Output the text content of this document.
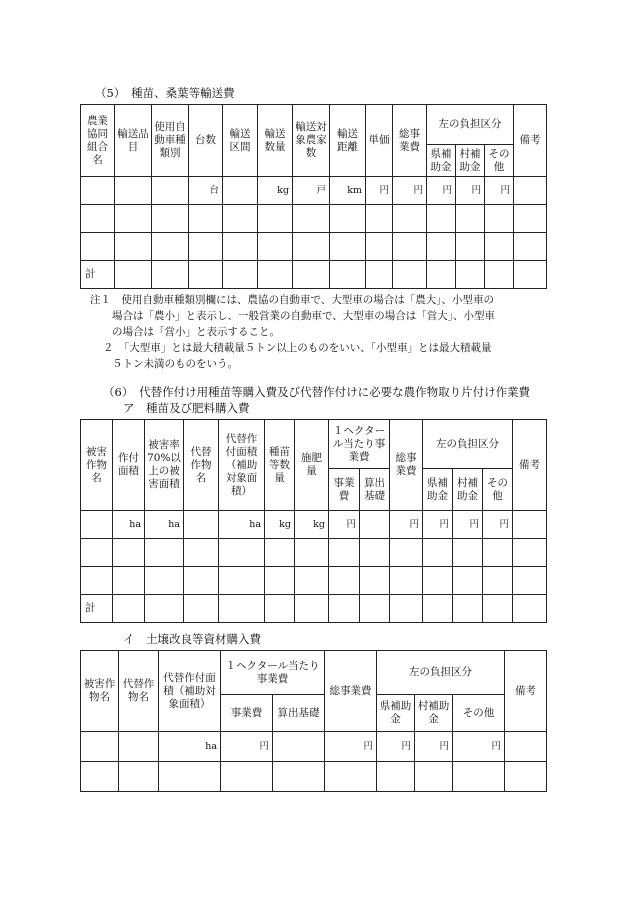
（5）　種苗、桑葉等輸送費
農業協同組合名	輸送品目	使用自動車種類別	台数	輸送区間	輸送数量	輸送対象農家数	輸送距離	単価	総事業費	左の負担区分			備考
										県補助金	村補助金	その他	
			台		kg	戸	km	円	円	円	円	円	

計													
注１　使用自動車種類別欄には、農協の自動車で、大型車の場合は「農大」、小型車の
場合は「農小」と表示し、一般営業の自動車で、大型車の場合は「営大」、小型車
の場合は「営小」と表示すること。
２　「大型車」とは最大積載量５トン以上のものをいい、「小型車」とは最大積載量
５トン未満のものをいう。
（6）　代替作付け用種苗等購入費及び代替作付けに必要な農作物取り片付け作業費
ア　種苗及び肥料購入費
被害作物名	作付面積	被害率70%以上の被害面積	代替作物名	代替作付面積（補助対象面積）	種苗等数量	施肥量	１ヘクタール当たり事業費		総事業費	左の負担区分			備考
							事業費	算出基礎		県補助金	村補助金	その他	
	ha	ha		ha	kg	kg	円		円	円	円	円	

計													
イ　土壌改良等資材購入費
被害作物名	代替作物名	代替作付面積（補助対象面積）	１ヘクタール当たり事業費		総事業費	左の負担区分			備考
			事業費	算出基礎		県補助金	村補助金	その他	
		ha	円		円	円	円	円	
